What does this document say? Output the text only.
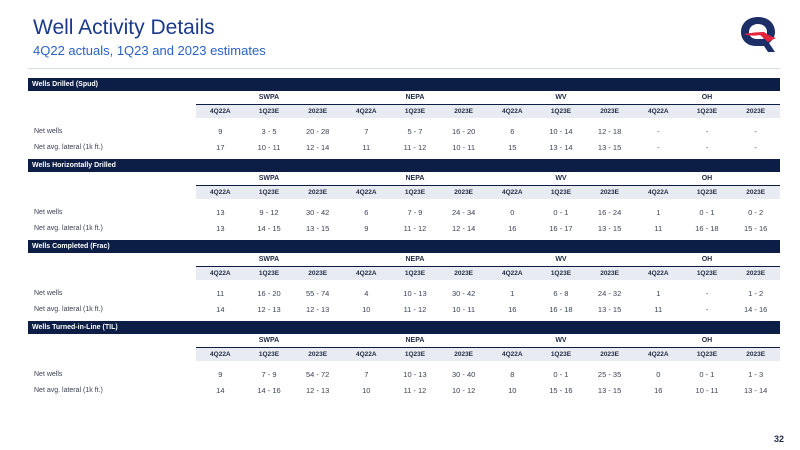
Well Activity Details
4Q22 actuals, 1Q23 and 2023 estimates
Wells Drilled (Spud)
	SWPA			NEPA			WV			OH		
	4Q22A	1Q23E	2023E	4Q22A	1Q23E	2023E	4Q22A	1Q23E	2023E	4Q22A	1Q23E	2023E

Net wells	9	3 - 5	20 - 28	7	5 - 7	16 - 20	6	10 - 14	12 - 18	-	-	-
Net avg. lateral (1k ft.)	17	10 - 11	12 - 14	11	11 - 12	10 - 11	15	13 - 14	13 - 15	-	-	-
Wells Horizontally Drilled
	SWPA			NEPA			WV			OH		
	4Q22A	1Q23E	2023E	4Q22A	1Q23E	2023E	4Q22A	1Q23E	2023E	4Q22A	1Q23E	2023E

Net wells	13	9 - 12	30 - 42	6	7 - 9	24 - 34	0	0 - 1	16 - 24	1	0 - 1	0 - 2
Net avg. lateral (1k ft.)	13	14 - 15	13 - 15	9	11 - 12	12 - 14	16	16 - 17	13 - 15	11	16 - 18	15 - 16
Wells Completed (Frac)
	SWPA			NEPA			WV			OH		
	4Q22A	1Q23E	2023E	4Q22A	1Q23E	2023E	4Q22A	1Q23E	2023E	4Q22A	1Q23E	2023E

Net wells	11	16 - 20	55 - 74	4	10 - 13	30 - 42	1	6 - 8	24 - 32	1	-	1 - 2
Net avg. lateral (1k ft.)	14	12 - 13	12 - 13	10	11 - 12	10 - 11	16	16 - 18	13 - 15	11	-	14 - 16
Wells Turned-in-Line (TIL)
	SWPA			NEPA			WV			OH		
	4Q22A	1Q23E	2023E	4Q22A	1Q23E	2023E	4Q22A	1Q23E	2023E	4Q22A	1Q23E	2023E

Net wells	9	7 - 9	54 - 72	7	10 - 13	30 - 40	8	0 - 1	25 - 35	0	0 - 1	1 - 3
Net avg. lateral (1k ft.)	14	14 - 16	12 - 13	10	11 - 12	10 - 12	10	15 - 16	13 - 15	16	10 - 11	13 - 14
32
